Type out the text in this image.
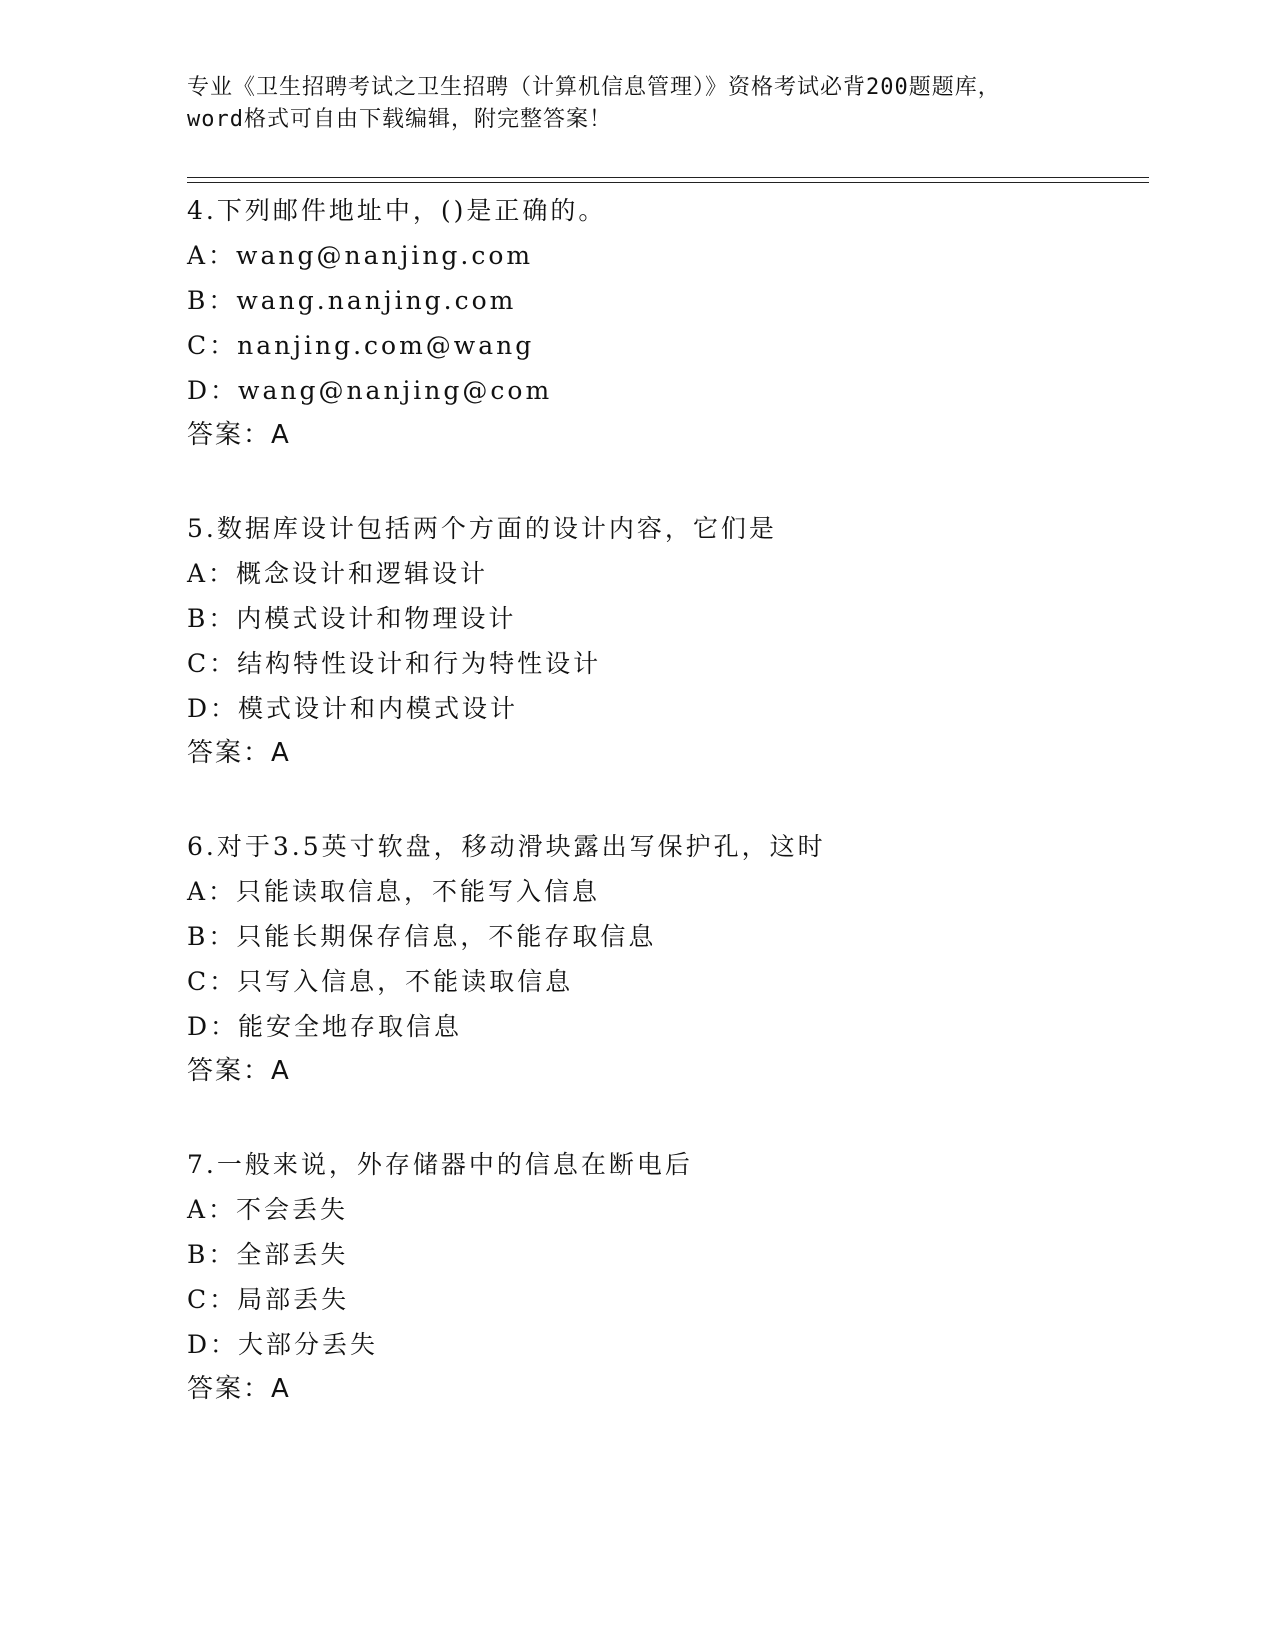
专业《卫生招聘考试之卫生招聘（计算机信息管理）》资格考试必背200题题库，
word格式可自由下载编辑，附完整答案！
4.下列邮件地址中，()是正确的。
A：wang@nanjing.com
B：wang.nanjing.com
C：nanjing.com@wang
D：wang@nanjing@com
答案：A
5.数据库设计包括两个方面的设计内容，它们是
A：概念设计和逻辑设计
B：内模式设计和物理设计
C：结构特性设计和行为特性设计
D：模式设计和内模式设计
答案：A
6.对于3.5英寸软盘，移动滑块露出写保护孔，这时
A：只能读取信息，不能写入信息
B：只能长期保存信息，不能存取信息
C：只写入信息，不能读取信息
D：能安全地存取信息
答案：A
7.一般来说，外存储器中的信息在断电后
A：不会丢失
B：全部丢失
C：局部丢失
D：大部分丢失
答案：A
